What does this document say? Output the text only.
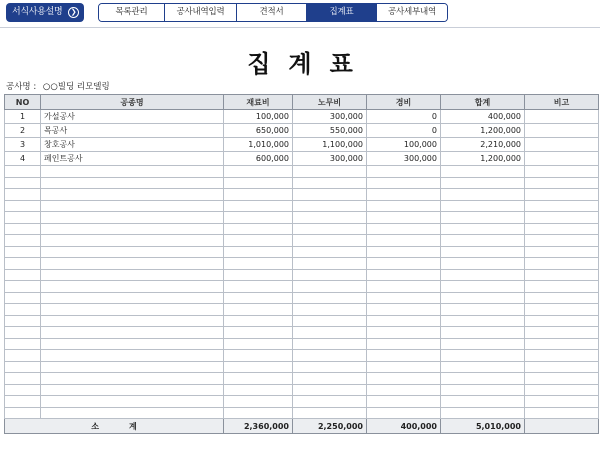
서식사용설명	❯	목록관리	공사내역입력	견적서	집계표	공사세부내역
집계표
공사명 : ○○빌딩 리모델링
NO	공종명	재료비	노무비	경비	합계	비고
1	가설공사	100,000	300,000	0	400,000	
2	목공사	650,000	550,000	0	1,200,000	
3	창호공사	1,010,000	1,100,000	100,000	2,210,000	
4	페인트공사	600,000	300,000	300,000	1,200,000	

소계		2,360,000	2,250,000	400,000	5,010,000	
